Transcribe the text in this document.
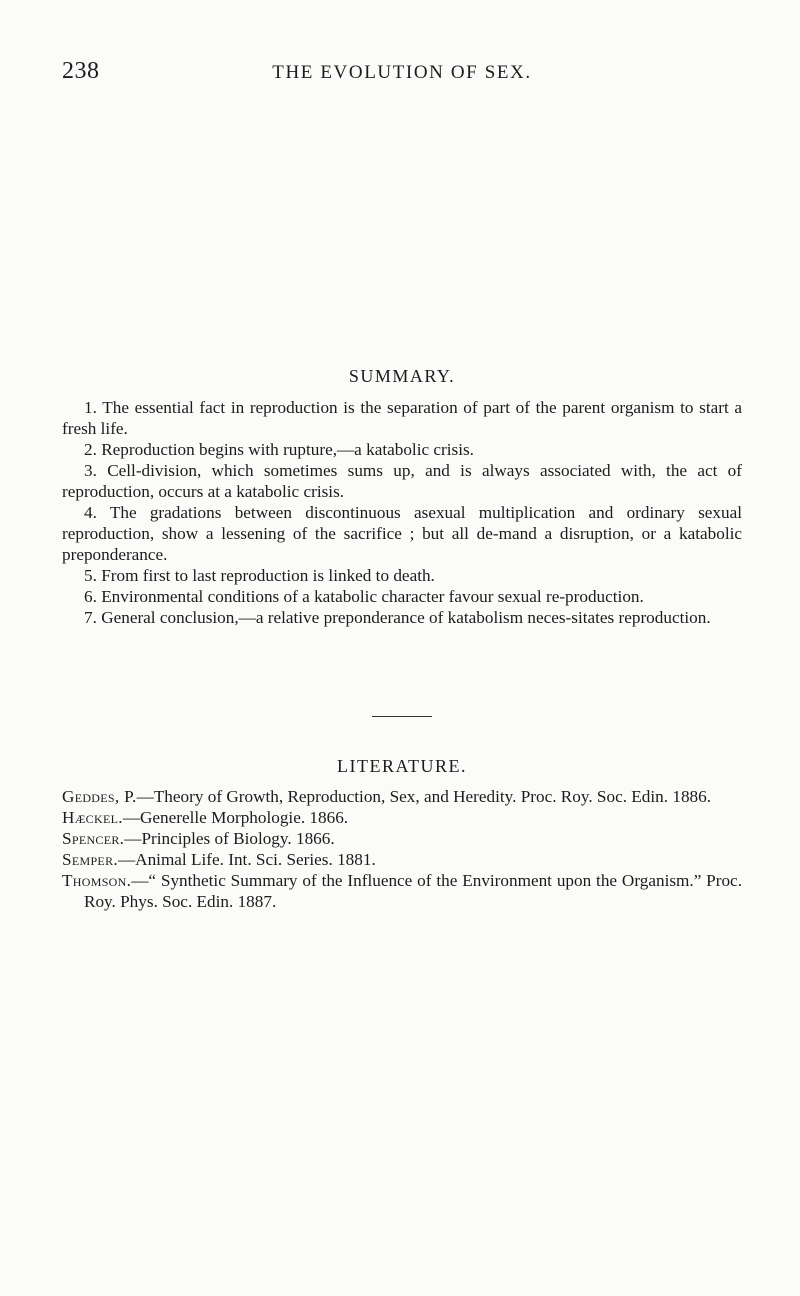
238	THE EVOLUTION OF SEX.
SUMMARY.

1. The essential fact in reproduction is the separation of part of the parent organism to start a fresh life.

2. Reproduction begins with rupture,—a katabolic crisis.

3. Cell-division, which sometimes sums up, and is always associated with, the act of reproduction, occurs at a katabolic crisis.

4. The gradations between discontinuous asexual multiplication and ordinary sexual reproduction, show a lessening of the sacrifice ; but all de-mand a disruption, or a katabolic preponderance.

5. From first to last reproduction is linked to death.

6. Environmental conditions of a katabolic character favour sexual re-production.

7. General conclusion,—a relative preponderance of katabolism neces-sitates reproduction.

LITERATURE.

Geddes, P.—Theory of Growth, Reproduction, Sex, and Heredity. Proc. Roy. Soc. Edin. 1886.

Hæckel.—Generelle Morphologie. 1866.

Spencer.—Principles of Biology. 1866.

Semper.—Animal Life. Int. Sci. Series. 1881.

Thomson.—“ Synthetic Summary of the Influence of the Environment upon the Organism.” Proc. Roy. Phys. Soc. Edin. 1887.
